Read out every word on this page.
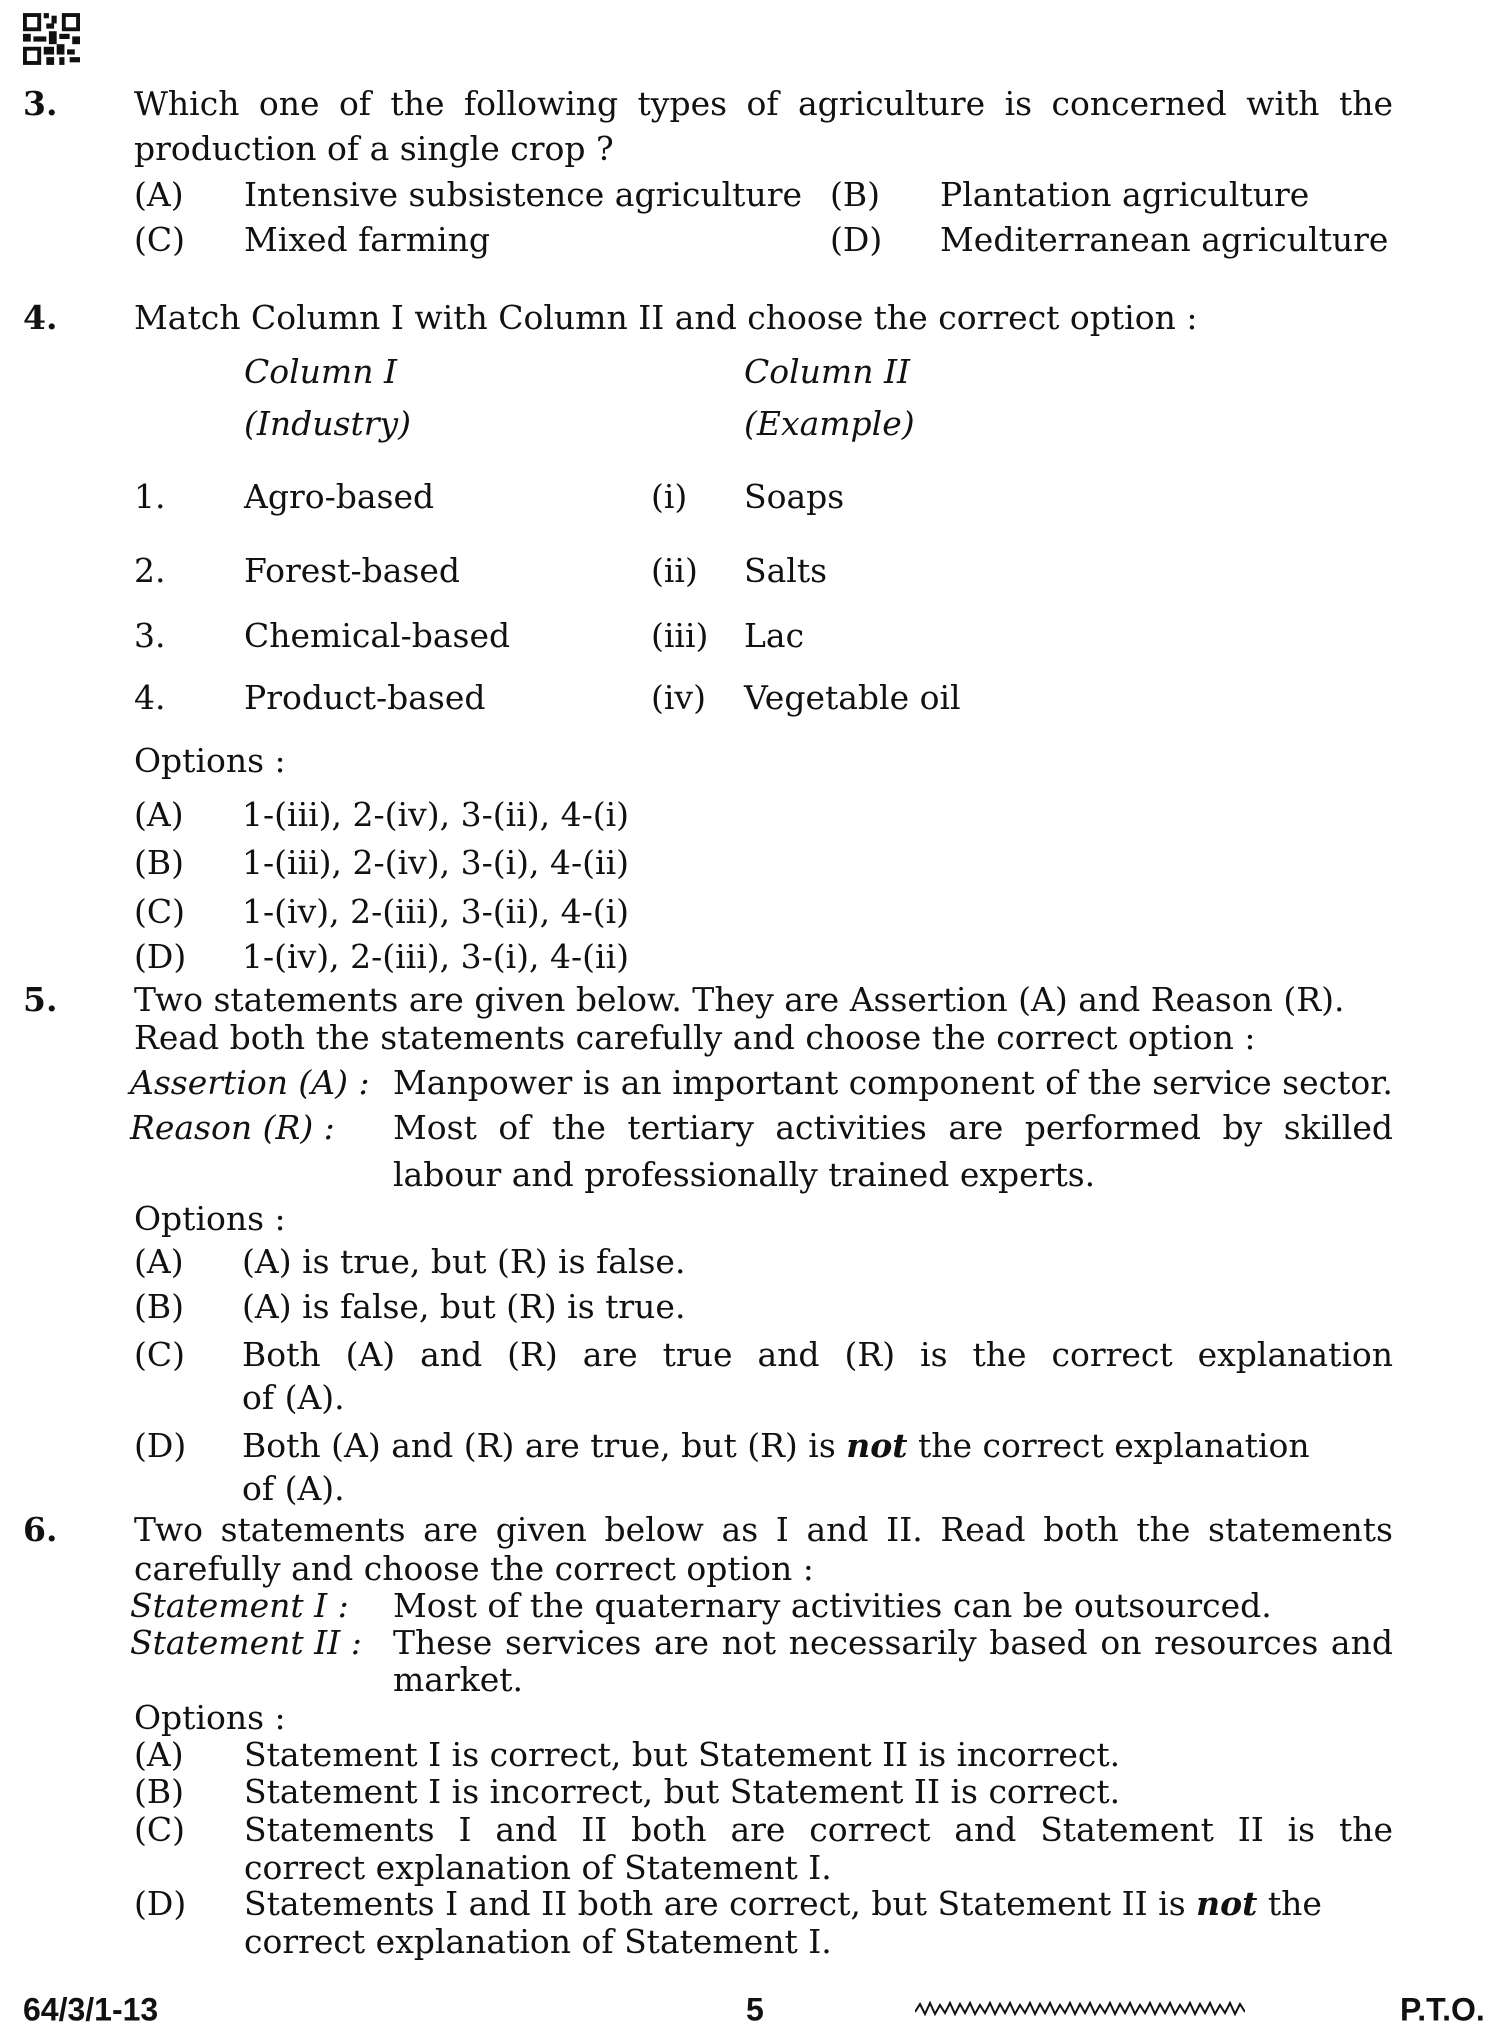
3. Which one of the following types of agriculture is concerned with the
production of a single crop ?
(A) Intensive subsistence agriculture (B) Plantation agriculture
(C) Mixed farming	(D) Mediterranean agriculture
4. Match Column I with Column II and choose the correct option :
Column I
(Industry)
Column II
(Example)
1. Agro-based	(i) Soaps
2. Forest-based	(ii) Salts
3. Chemical-based	(iii) Lac
4. Product-based	(iv) Vegetable oil
Options :
(A) 1-(iii), 2-(iv), 3-(ii), 4-(i)
(B) 1-(iii), 2-(iv), 3-(i), 4-(ii)
(C) 1-(iv), 2-(iii), 3-(ii), 4-(i)
(D) 1-(iv), 2-(iii), 3-(i), 4-(ii)
5. Two statements are given below. They are Assertion (A) and Reason (R).
Read both the statements carefully and choose the correct option :
Assertion (A) : Manpower is an important component of the service sector.
Reason (R) : Most of the tertiary activities are performed by skilled
labour and professionally trained experts.
Options :
(A) (A) is true, but (R) is false.
(B) (A) is false, but (R) is true.
(C) Both (A) and (R) are true and (R) is the correct explanation
of (A).
(D) Both (A) and (R) are true, but (R) is not the correct explanation
of (A).
6. Two statements are given below as I and II. Read both the statements
carefully and choose the correct option :
Statement I : Most of the quaternary activities can be outsourced.
Statement II : These services are not necessarily based on resources and
market.
Options :
(A) Statement I is correct, but Statement II is incorrect.
(B) Statement I is incorrect, but Statement II is correct.
(C) Statements I and II both are correct and Statement II is the
correct explanation of Statement I.
(D) Statements I and II both are correct, but Statement II is not the
correct explanation of Statement I.
64/3/1-13	5	P.T.O.
